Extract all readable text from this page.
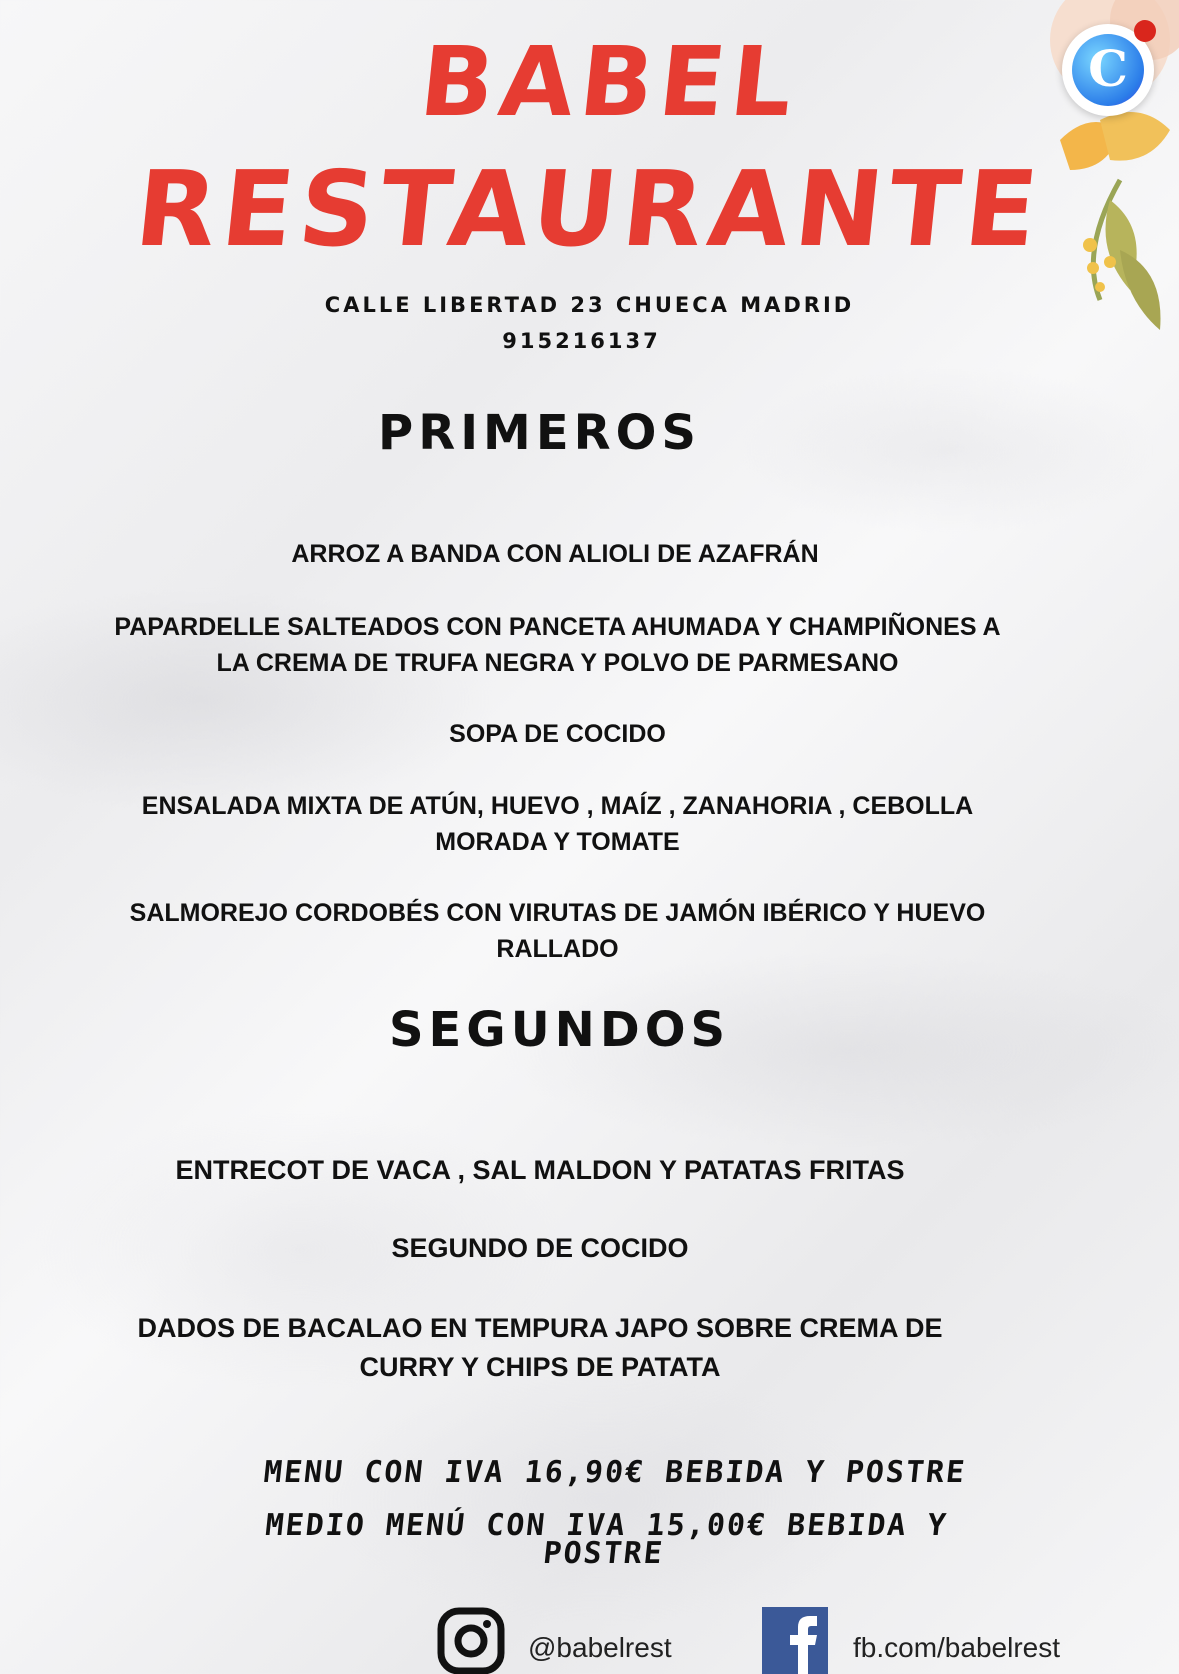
C
BABEL
RESTAURANTE
CALLE LIBERTAD 23 CHUECA MADRID
915216137
PRIMEROS
ARROZ A BANDA CON ALIOLI DE AZAFRÁN
PAPARDELLE SALTEADOS CON PANCETA AHUMADA Y CHAMPIÑONES A LA CREMA DE TRUFA NEGRA Y POLVO DE PARMESANO
SOPA DE COCIDO
ENSALADA MIXTA DE ATÚN, HUEVO , MAÍZ , ZANAHORIA , CEBOLLA MORADA Y TOMATE
SALMOREJO CORDOBÉS CON VIRUTAS DE JAMÓN IBÉRICO Y HUEVO RALLADO
SEGUNDOS
ENTRECOT DE VACA , SAL MALDON Y PATATAS FRITAS
SEGUNDO DE COCIDO
DADOS DE BACALAO EN TEMPURA JAPO SOBRE CREMA DE CURRY Y CHIPS DE PATATA
MENU CON IVA 16,90€ BEBIDA Y POSTRE
MEDIO MENÚ CON IVA 15,00€ BEBIDA Y POSTRE
@babelrest	fb.com/babelrest
